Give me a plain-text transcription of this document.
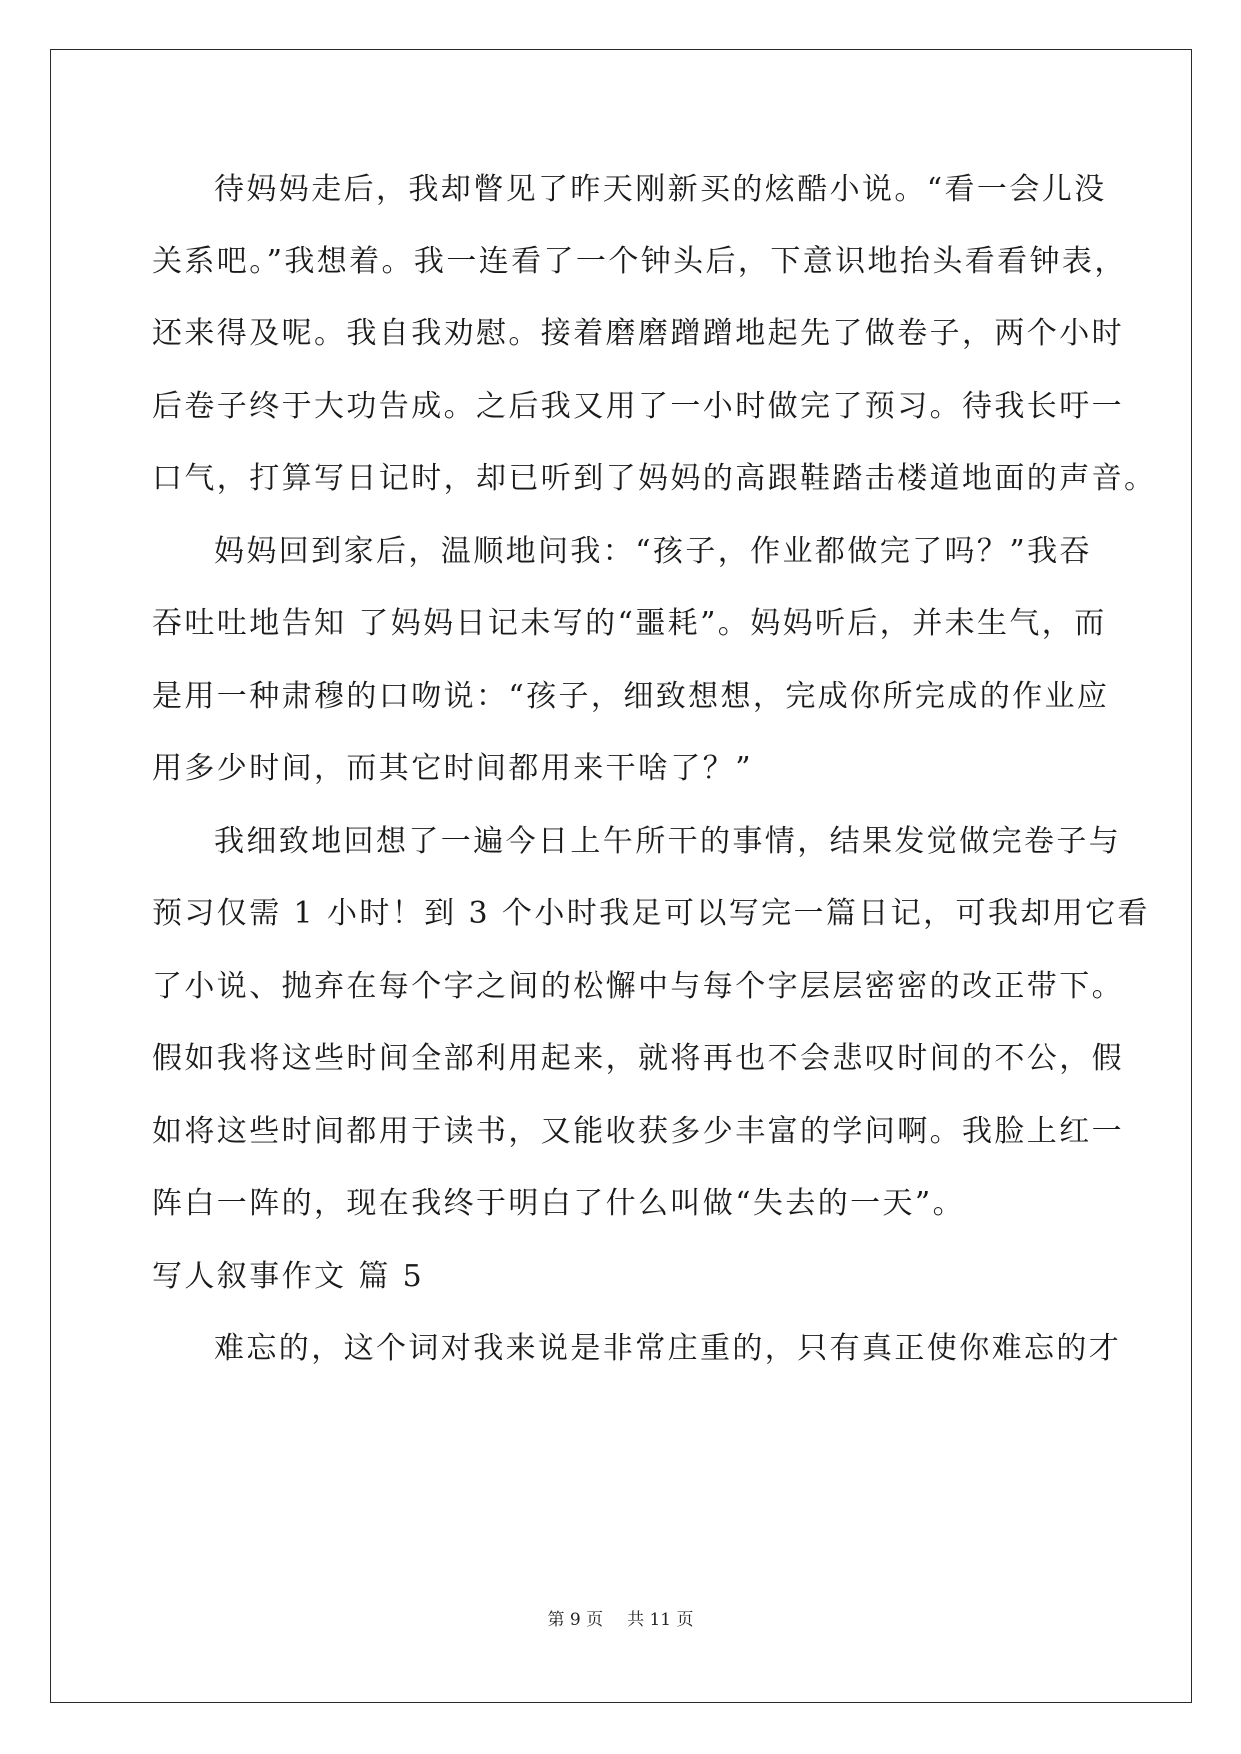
待妈妈走后，我却瞥见了昨天刚新买的炫酷小说。“看一会儿没
关系吧。”我想着。我一连看了一个钟头后，下意识地抬头看看钟表，
还来得及呢。我自我劝慰。接着磨磨蹭蹭地起先了做卷子，两个小时
后卷子终于大功告成。之后我又用了一小时做完了预习。待我长吁一
口气，打算写日记时，却已听到了妈妈的高跟鞋踏击楼道地面的声音。
妈妈回到家后，温顺地问我：“孩子，作业都做完了吗？”我吞
吞吐吐地告知 了妈妈日记未写的“噩耗”。妈妈听后，并未生气，而
是用一种肃穆的口吻说：“孩子，细致想想，完成你所完成的作业应
用多少时间，而其它时间都用来干啥了？”
我细致地回想了一遍今日上午所干的事情，结果发觉做完卷子与
预习仅需 1 小时！到 3 个小时我足可以写完一篇日记，可我却用它看
了小说、抛弃在每个字之间的松懈中与每个字层层密密的改正带下。
假如我将这些时间全部利用起来，就将再也不会悲叹时间的不公，假
如将这些时间都用于读书，又能收获多少丰富的学问啊。我脸上红一
阵白一阵的，现在我终于明白了什么叫做“失去的一天”。
写人叙事作文 篇 5
难忘的，这个词对我来说是非常庄重的，只有真正使你难忘的才
第 9 页 共 11 页
